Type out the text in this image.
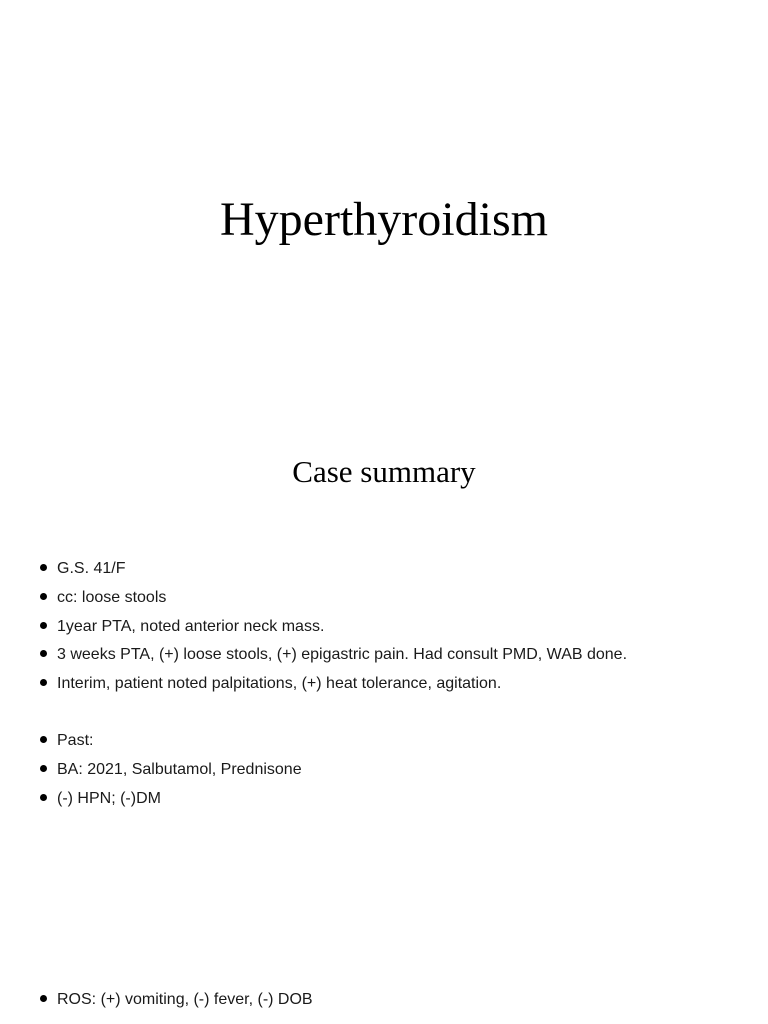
Hyperthyroidism
Case summary
G.S. 41/F
cc: loose stools
1year PTA, noted anterior neck mass.
3 weeks PTA, (+) loose stools, (+) epigastric pain. Had consult PMD, WAB done.
Interim, patient noted palpitations, (+) heat tolerance, agitation.
Past:
BA: 2021, Salbutamol, Prednisone
(-) HPN; (-)DM
ROS: (+) vomiting, (-) fever, (-) DOB
